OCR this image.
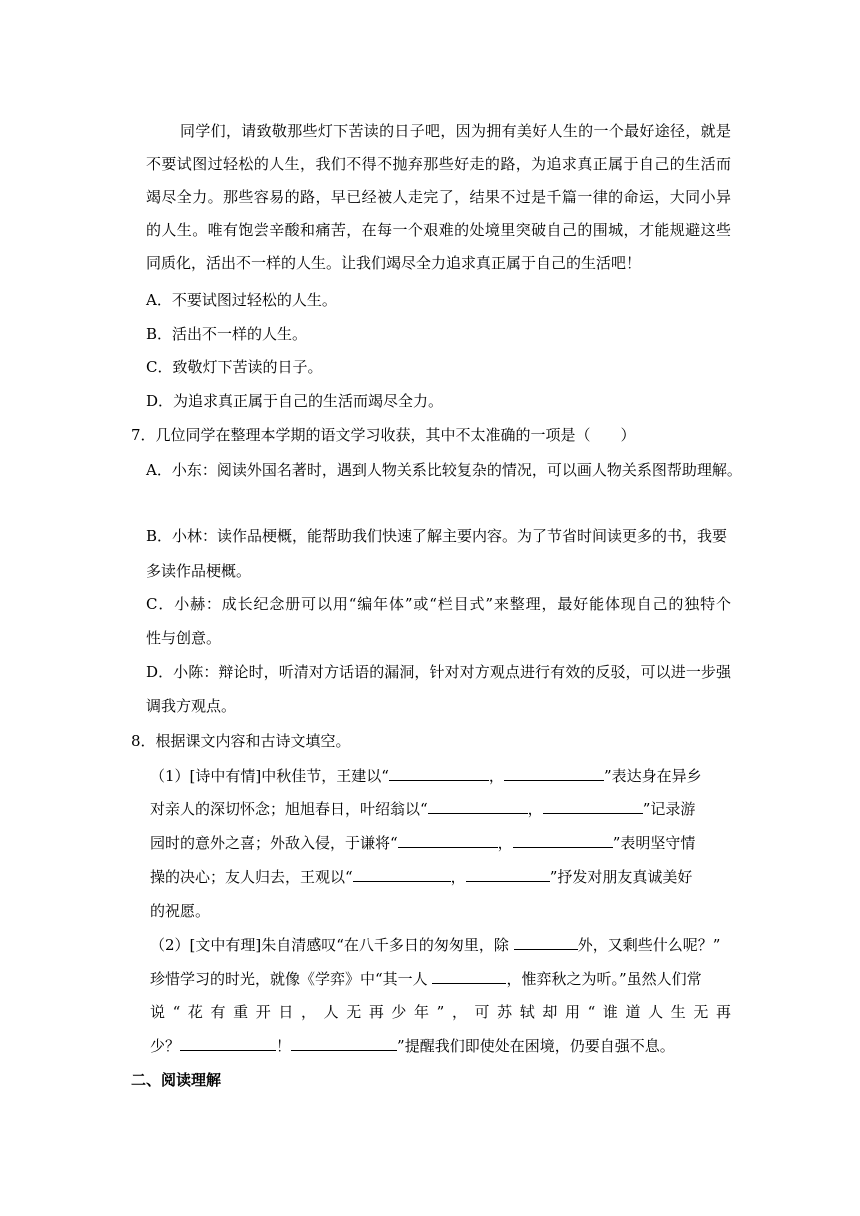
同学们，请致敬那些灯下苦读的日子吧，因为拥有美好人生的一个最好途径，就是
不要试图过轻松的人生，我们不得不抛弃那些好走的路，为追求真正属于自己的生活而
竭尽全力。那些容易的路，早已经被人走完了，结果不过是千篇一律的命运，大同小异
的人生。唯有饱尝辛酸和痛苦，在每一个艰难的处境里突破自己的围城，才能规避这些
同质化，活出不一样的人生。让我们竭尽全力追求真正属于自己的生活吧！
A．不要试图过轻松的人生。
B．活出不一样的人生。
C．致敬灯下苦读的日子。
D．为追求真正属于自己的生活而竭尽全力。
7．几位同学在整理本学期的语文学习收获，其中不太准确的一项是（　　）
A．小东：阅读外国名著时，遇到人物关系比较复杂的情况，可以画人物关系图帮助理解。
B．小林：读作品梗概，能帮助我们快速了解主要内容。为了节省时间读更多的书，我要
多读作品梗概。
C．小赫：成长纪念册可以用“编年体”或“栏目式”来整理，最好能体现自己的独特个
性与创意。
D．小陈：辩论时，听清对方话语的漏洞，针对对方观点进行有效的反驳，可以进一步强
调我方观点。
8．根据课文内容和古诗文填空。
（1）[诗中有情]中秋佳节，王建以“	，	”表达身在异乡
对亲人的深切怀念；旭旭春日，叶绍翁以“	，	”记录游
园时的意外之喜；外敌入侵，于谦将“	，	”表明坚守情
操的决心；友人归去，王观以“	，	”抒发对朋友真诚美好
的祝愿。
（2）[文中有理]朱自清感叹“在八千多日的匆匆里，除	外，又剩些什么呢？”
珍惜学习的时光，就像《学弈》中“其一人	，惟弈秋之为听。”虽然人们常
说“花有重开日，人无再少年”，可苏轼却用“谁道人生无再
少？	！	”提醒我们即使处在困境，仍要自强不息。
二、阅读理解
